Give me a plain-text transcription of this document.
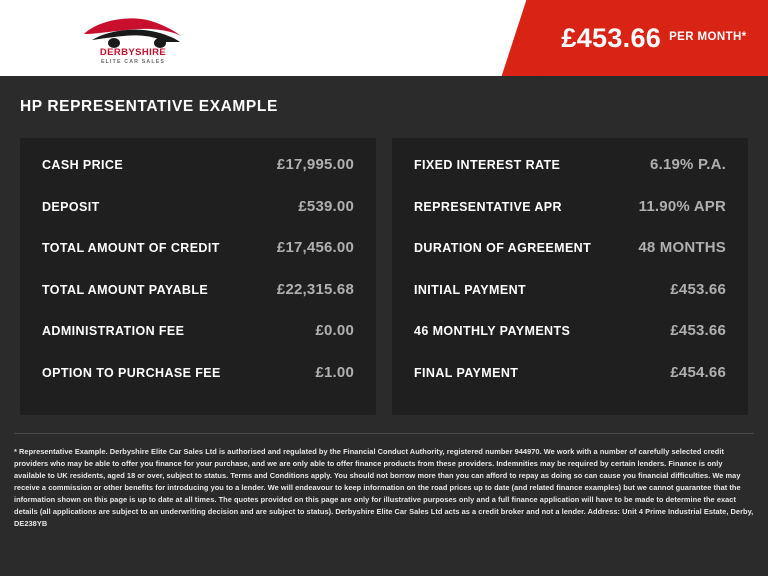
DERBYSHIRE
ELITE CAR SALES
£453.66 PER MONTH*
HP REPRESENTATIVE EXAMPLE
CASH PRICE	£17,995.00
DEPOSIT	£539.00
TOTAL AMOUNT OF CREDIT	£17,456.00
TOTAL AMOUNT PAYABLE	£22,315.68
ADMINISTRATION FEE	£0.00
OPTION TO PURCHASE FEE	£1.00
FIXED INTEREST RATE	6.19% P.A.
REPRESENTATIVE APR	11.90% APR
DURATION OF AGREEMENT	48 MONTHS
INITIAL PAYMENT	£453.66
46 MONTHLY PAYMENTS	£453.66
FINAL PAYMENT	£454.66
* Representative Example. Derbyshire Elite Car Sales Ltd is authorised and regulated by the Financial Conduct Authority, registered number 944970. We work with a number of carefully selected credit providers who may be able to offer you finance for your purchase, and we are only able to offer finance products from these providers. Indemnities may be required by certain lenders. Finance is only available to UK residents, aged 18 or over, subject to status. Terms and Conditions apply. You should not borrow more than you can afford to repay as doing so can cause you financial difficulties. We may receive a commission or other benefits for introducing you to a lender. We will endeavour to keep information on the road prices up to date (and related finance examples) but we cannot guarantee that the information shown on this page is up to date at all times. The quotes provided on this page are only for illustrative purposes only and a full finance application will have to be made to determine the exact details (all applications are subject to an underwriting decision and are subject to status). Derbyshire Elite Car Sales Ltd acts as a credit broker and not a lender. Address: Unit 4 Prime Industrial Estate, Derby, DE238YB
